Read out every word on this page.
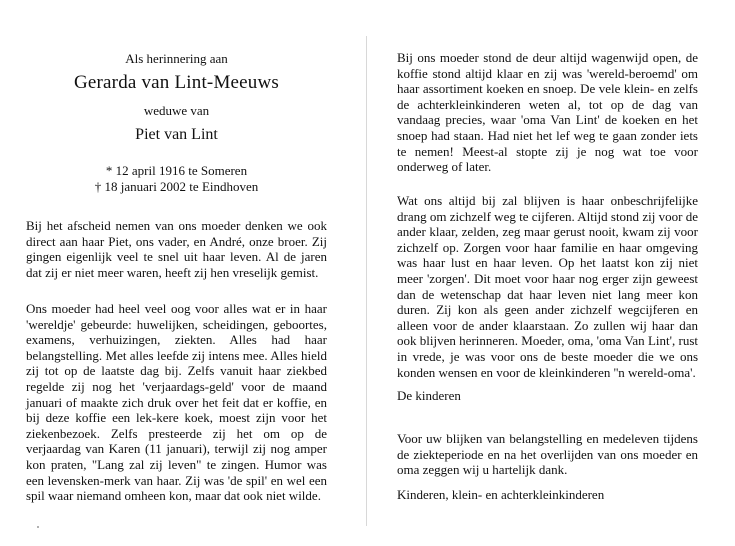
Als herinnering aan

Gerarda van Lint-Meeuws

weduwe van

Piet van Lint

* 12 april 1916 te Someren

† 18 januari 2002 te Eindhoven

Bij het afscheid nemen van ons moeder denken we ook direct aan haar Piet, ons vader, en André, onze broer. Zij gingen eigenlijk veel te snel uit haar leven. Al de jaren dat zij er niet meer waren, heeft zij hen vreselijk gemist.

Ons moeder had heel veel oog voor alles wat er in haar 'wereldje' gebeurde: huwelijken, scheidingen, geboortes, examens, verhuizingen, ziekten. Alles had haar belangstelling. Met alles leefde zij intens mee. Alles hield zij tot op de laatste dag bij. Zelfs vanuit haar ziekbed regelde zij nog het 'verjaardags-geld' voor de maand januari of maakte zich druk over het feit dat er koffie, en bij deze koffie een lek-kere koek, moest zijn voor het ziekenbezoek. Zelfs presteerde zij het om op de verjaardag van Karen (11 januari), terwijl zij nog amper kon praten, "Lang zal zij leven" te zingen. Humor was een levensken-merk van haar. Zij was 'de spil' en wel een spil waar niemand omheen kon, maar dat ook niet wilde.

Bij ons moeder stond de deur altijd wagenwijd open, de koffie stond altijd klaar en zij was 'wereld-beroemd' om haar assortiment koeken en snoep. De vele klein- en zelfs de achterkleinkinderen weten al, tot op de dag van vandaag precies, waar 'oma Van Lint' de koeken en het snoep had staan. Had niet het lef weg te gaan zonder iets te nemen! Meest-al stopte zij je nog wat toe voor onderweg of later.

Wat ons altijd bij zal blijven is haar onbeschrijfelijke drang om zichzelf weg te cijferen. Altijd stond zij voor de ander klaar, zelden, zeg maar gerust nooit, kwam zij voor zichzelf op. Zorgen voor haar familie en haar omgeving was haar lust en haar leven. Op het laatst kon zij niet meer 'zorgen'. Dit moet voor haar nog erger zijn geweest dan de wetenschap dat haar leven niet lang meer kon duren. Zij kon als geen ander zichzelf wegcijferen en alleen voor de ander klaarstaan. Zo zullen wij haar dan ook blijven herinneren. Moeder, oma, 'oma Van Lint', rust in vrede, je was voor ons de beste moeder die we ons konden wensen en voor de kleinkinderen ''n wereld-oma'.

De kinderen

Voor uw blijken van belangstelling en medeleven tijdens de ziekteperiode en na het overlijden van ons moeder en oma zeggen wij u hartelijk dank.

Kinderen, klein- en achterkleinkinderen
